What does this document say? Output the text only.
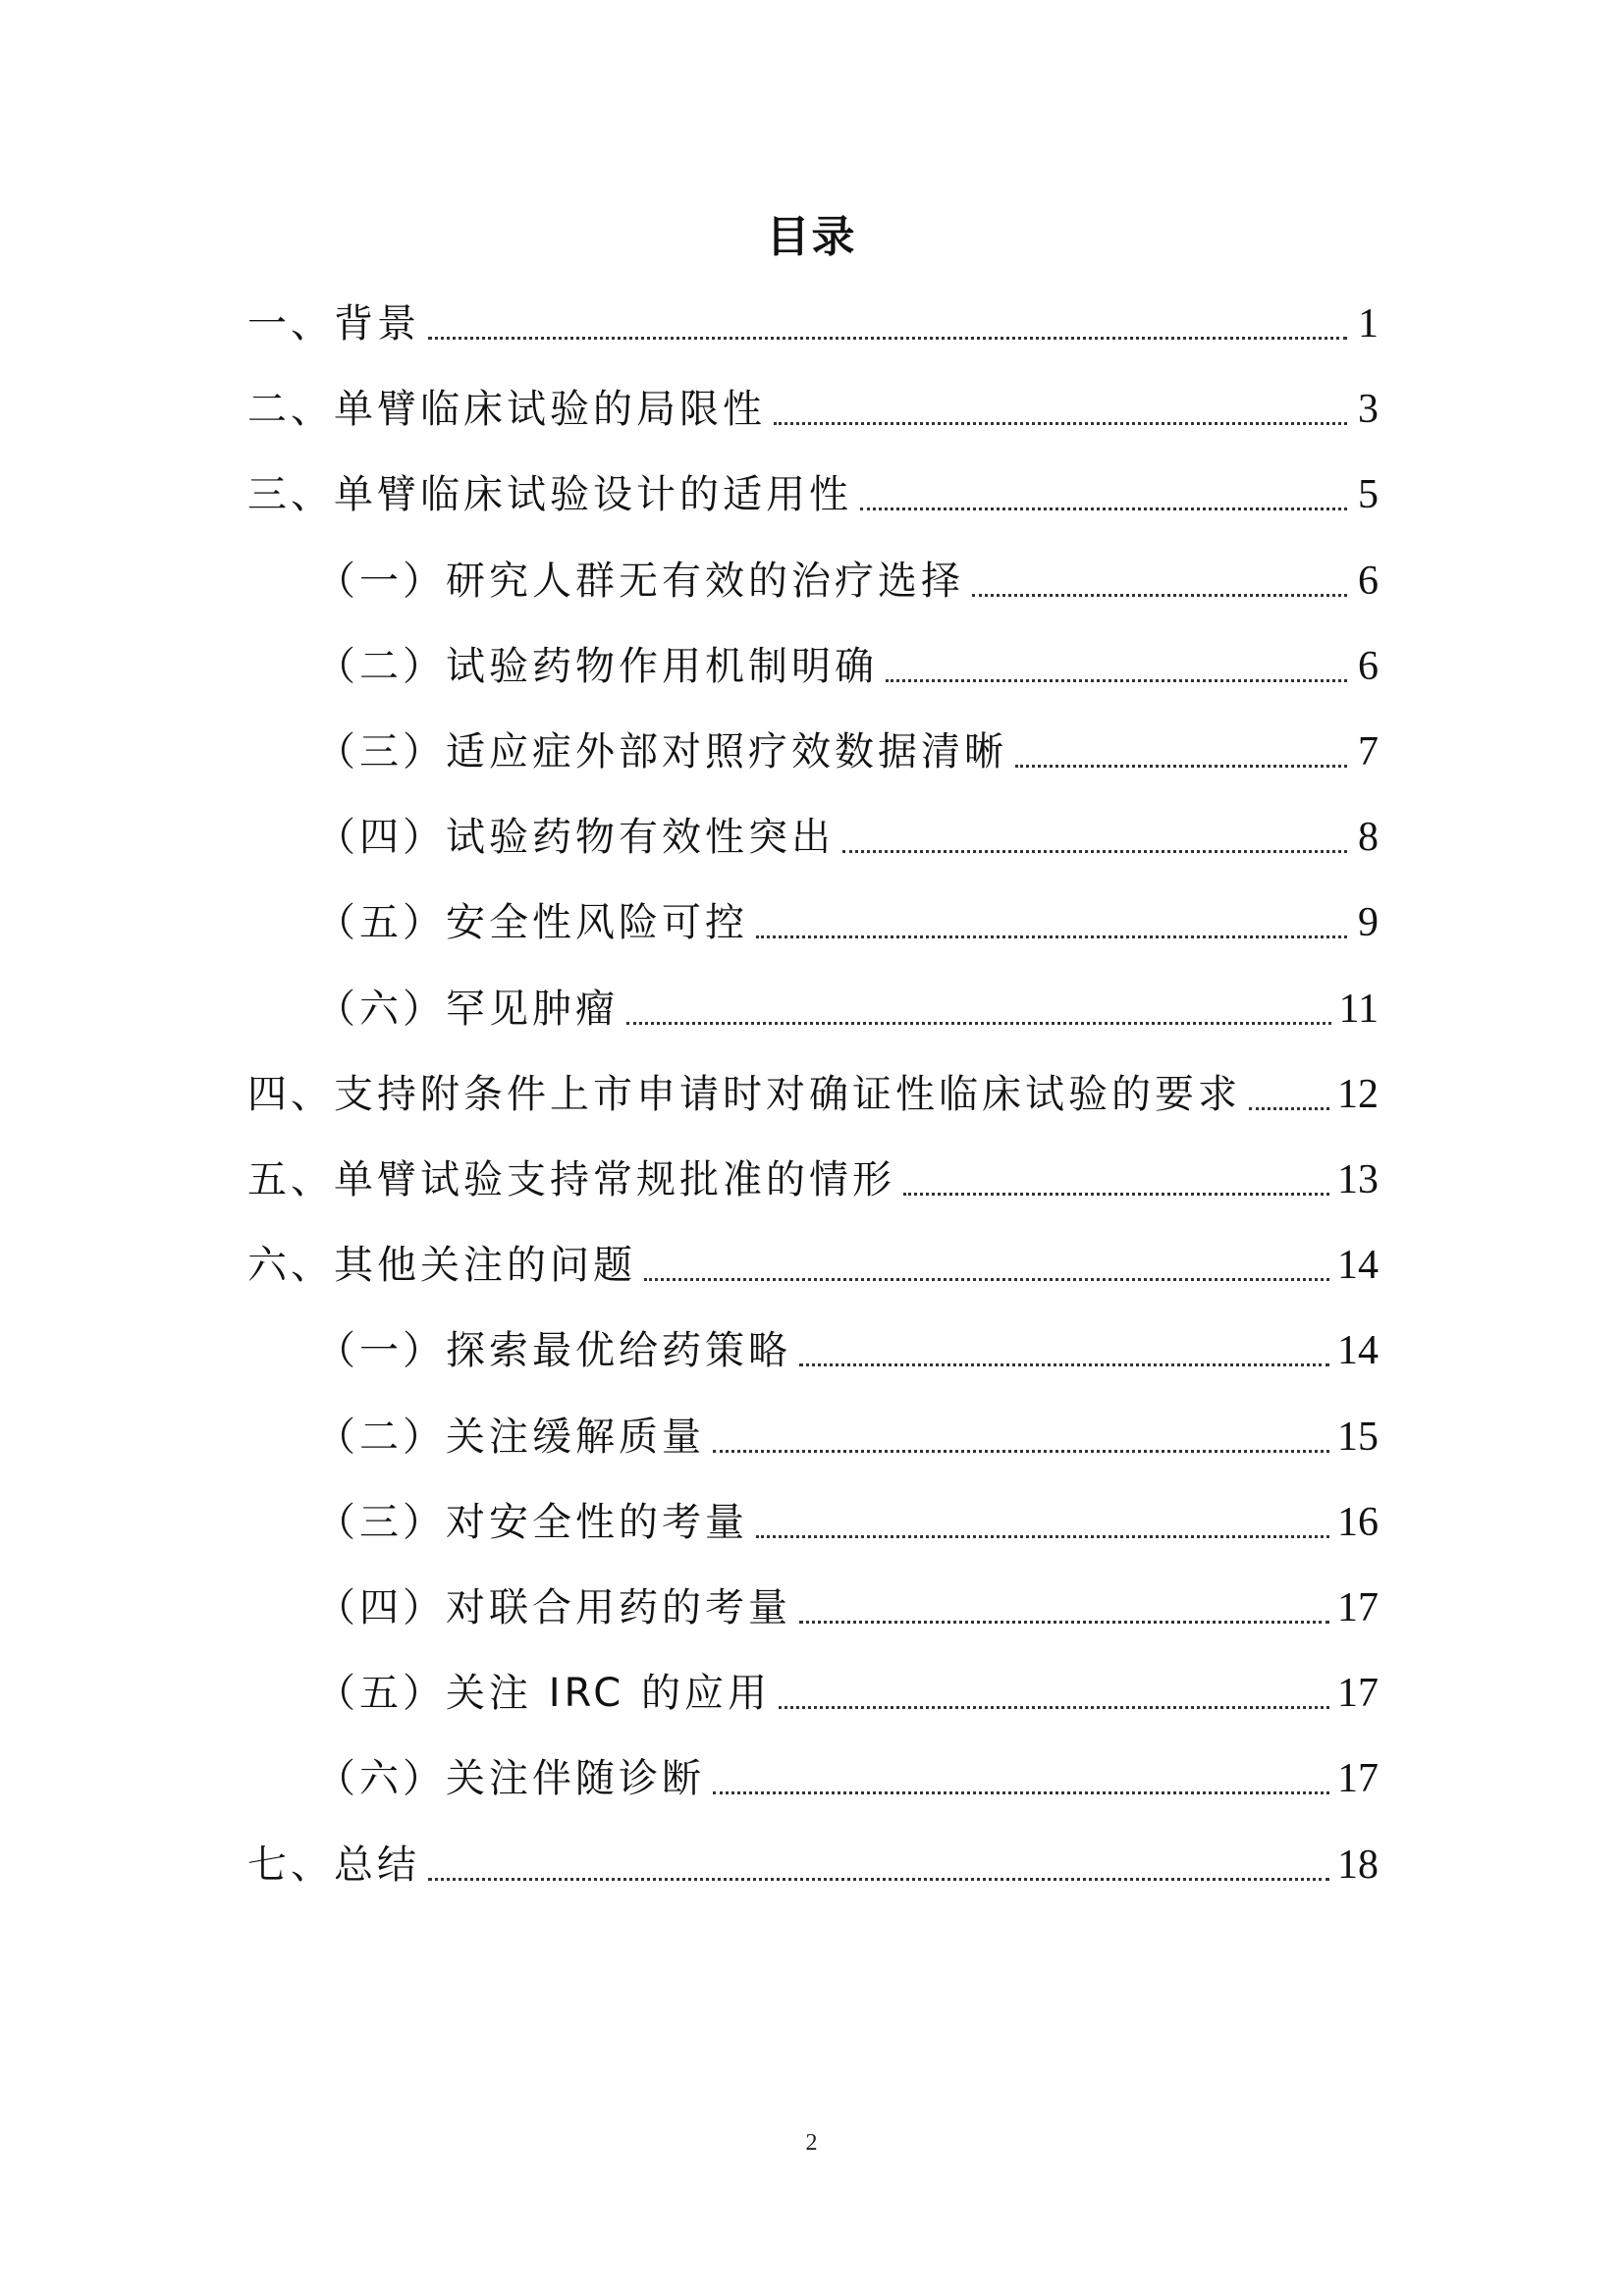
目录
一、背景	1
二、单臂临床试验的局限性	3
三、单臂临床试验设计的适用性	5
（一）研究人群无有效的治疗选择	6
（二）试验药物作用机制明确	6
（三）适应症外部对照疗效数据清晰	7
（四）试验药物有效性突出	8
（五）安全性风险可控	9
（六）罕见肿瘤	11
四、支持附条件上市申请时对确证性临床试验的要求 12
五、单臂试验支持常规批准的情形	13
六、其他关注的问题	14
（一）探索最优给药策略	14
（二）关注缓解质量	15
（三）对安全性的考量	16
（四）对联合用药的考量	17
（五）关注 IRC 的应用	17
（六）关注伴随诊断	17
七、总结	18
2
